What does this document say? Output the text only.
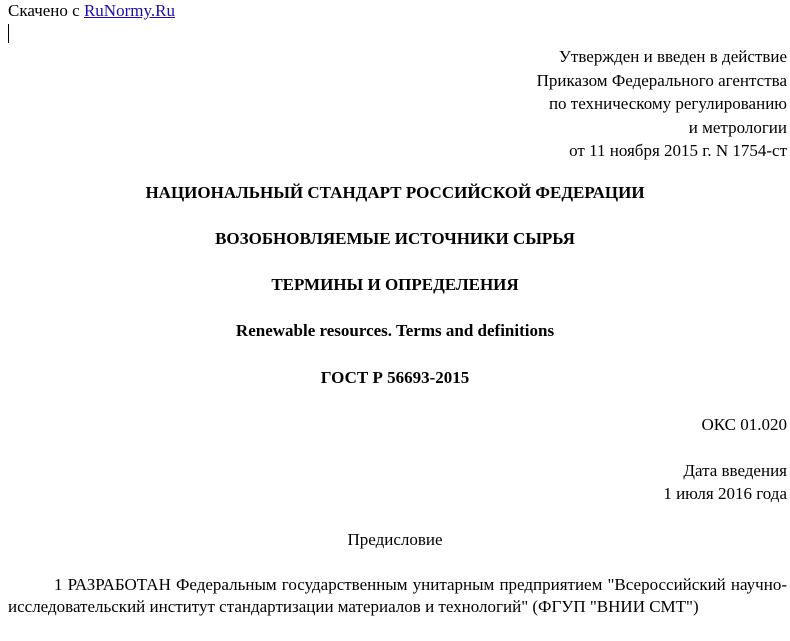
Скачено с RuNormy.Ru
Утвержден и введен в действие
Приказом Федерального агентства
по техническому регулированию
и метрологии
от 11 ноября 2015 г. N 1754-ст
НАЦИОНАЛЬНЫЙ СТАНДАРТ РОССИЙСКОЙ ФЕДЕРАЦИИ
ВОЗОБНОВЛЯЕМЫЕ ИСТОЧНИКИ СЫРЬЯ
ТЕРМИНЫ И ОПРЕДЕЛЕНИЯ
Renewable resources. Terms and definitions
ГОСТ Р 56693-2015
ОКС 01.020
Дата введения
1 июля 2016 года
Предисловие
1 РАЗРАБОТАН Федеральным государственным унитарным предприятием "Всероссийский научно-исследовательский институт стандартизации материалов и технологий" (ФГУП "ВНИИ СМТ")
